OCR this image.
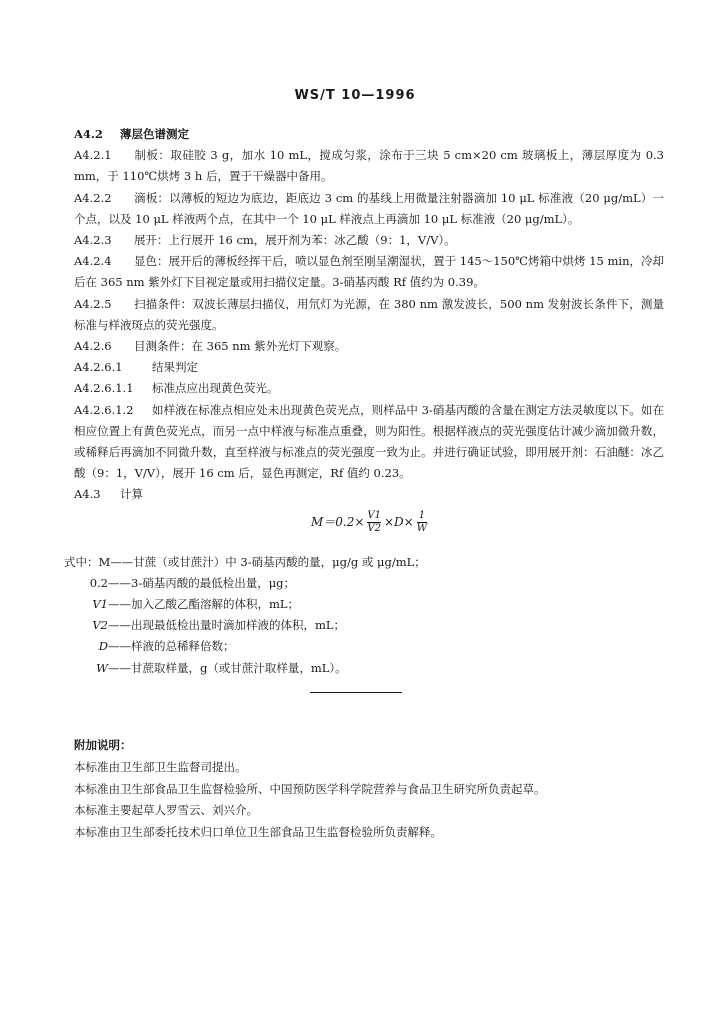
WS/T 10—1996

A4.2 薄层色谱测定

A4.2.1 制板：取硅胶 3 g，加水 10 mL，搅成匀浆，涂布于三块 5 cm×20 cm 玻璃板上，薄层厚度为 0.3 mm，于 110℃烘烤 3 h 后，置于干燥器中备用。

A4.2.2 滴板：以薄板的短边为底边，距底边 3 cm 的基线上用微量注射器滴加 10 μL 标准液（20 μg/mL）一个点，以及 10 μL 样液两个点，在其中一个 10 μL 样液点上再滴加 10 μL 标准液（20 μg/mL）。

A4.2.3 展开：上行展开 16 cm，展开剂为苯：冰乙酸（9：1，V/V）。

A4.2.4 显色：展开后的薄板经挥干后，喷以显色剂至刚呈潮湿状，置于 145～150℃烤箱中烘烤 15 min，冷却后在 365 nm 紫外灯下目视定量或用扫描仪定量。3-硝基丙酸 Rf 值约为 0.39。

A4.2.5 扫描条件：双波长薄层扫描仪，用氘灯为光源，在 380 nm 激发波长，500 nm 发射波长条件下，测量标准与样液斑点的荧光强度。

A4.2.6 目测条件：在 365 nm 紫外光灯下观察。

A4.2.6.1	结果判定

A4.2.6.1.1 标准点应出现黄色荧光。

A4.2.6.1.2 如样液在标准点相应处未出现黄色荧光点，则样品中 3-硝基丙酸的含量在测定方法灵敏度以下。如在相应位置上有黄色荧光点，而另一点中样液与标准点重叠，则为阳性。根据样液点的荧光强度估计减少滴加微升数，或稀释后再滴加不同微升数，直至样液与标准点的荧光强度一致为止。并进行确证试验，即用展开剂：石油醚：冰乙酸（9：1，V/V），展开 16 cm 后，显色再测定，Rf 值约 0.23。

A4.3 计算

$M=0.2\times \frac{V1}{V2} \times D\times \frac{1}{W}$
式中：M ——甘蔗（或甘蔗汁）中 3-硝基丙酸的量，μg/g 或 μg/mL；
0.2 ——3-硝基丙酸的最低检出量，μg；
V1 ——加入乙酸乙酯溶解的体积，mL；
V2 ——出现最低检出量时滴加样液的体积，mL；
D ——样液的总稀释倍数；
W ——甘蔗取样量，g（或甘蔗汁取样量，mL）。

附加说明：

本标准由卫生部卫生监督司提出。

本标准由卫生部食品卫生监督检验所、中国预防医学科学院营养与食品卫生研究所负责起草。

本标准主要起草人罗雪云、刘兴介。

本标准由卫生部委托技术归口单位卫生部食品卫生监督检验所负责解释。
